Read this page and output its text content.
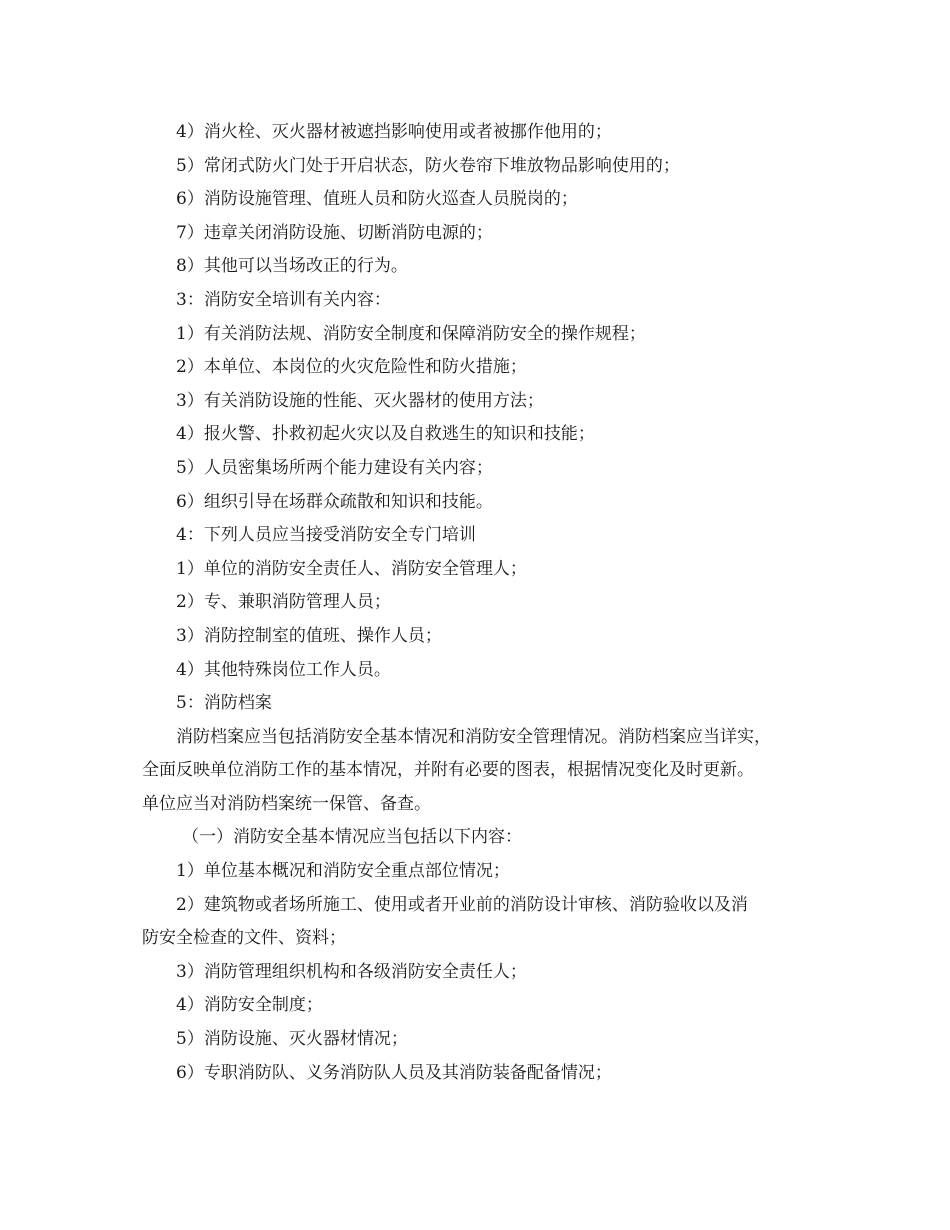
4）消火栓、灭火器材被遮挡影响使用或者被挪作他用的；
5）常闭式防火门处于开启状态，防火卷帘下堆放物品影响使用的；
6）消防设施管理、值班人员和防火巡查人员脱岗的；
7）违章关闭消防设施、切断消防电源的；
8）其他可以当场改正的行为。
3：消防安全培训有关内容：
1）有关消防法规、消防安全制度和保障消防安全的操作规程；
2）本单位、本岗位的火灾危险性和防火措施；
3）有关消防设施的性能、灭火器材的使用方法；
4）报火警、扑救初起火灾以及自救逃生的知识和技能；
5）人员密集场所两个能力建设有关内容；
6）组织引导在场群众疏散和知识和技能。
4：下列人员应当接受消防安全专门培训
1）单位的消防安全责任人、消防安全管理人；
2）专、兼职消防管理人员；
3）消防控制室的值班、操作人员；
4）其他特殊岗位工作人员。
5：消防档案
消防档案应当包括消防安全基本情况和消防安全管理情况。消防档案应当详实，
全面反映单位消防工作的基本情况，并附有必要的图表，根据情况变化及时更新。
单位应当对消防档案统一保管、备查。
（一）消防安全基本情况应当包括以下内容：
1）单位基本概况和消防安全重点部位情况；
2）建筑物或者场所施工、使用或者开业前的消防设计审核、消防验收以及消
防安全检查的文件、资料；
3）消防管理组织机构和各级消防安全责任人；
4）消防安全制度；
5）消防设施、灭火器材情况；
6）专职消防队、义务消防队人员及其消防装备配备情况；
